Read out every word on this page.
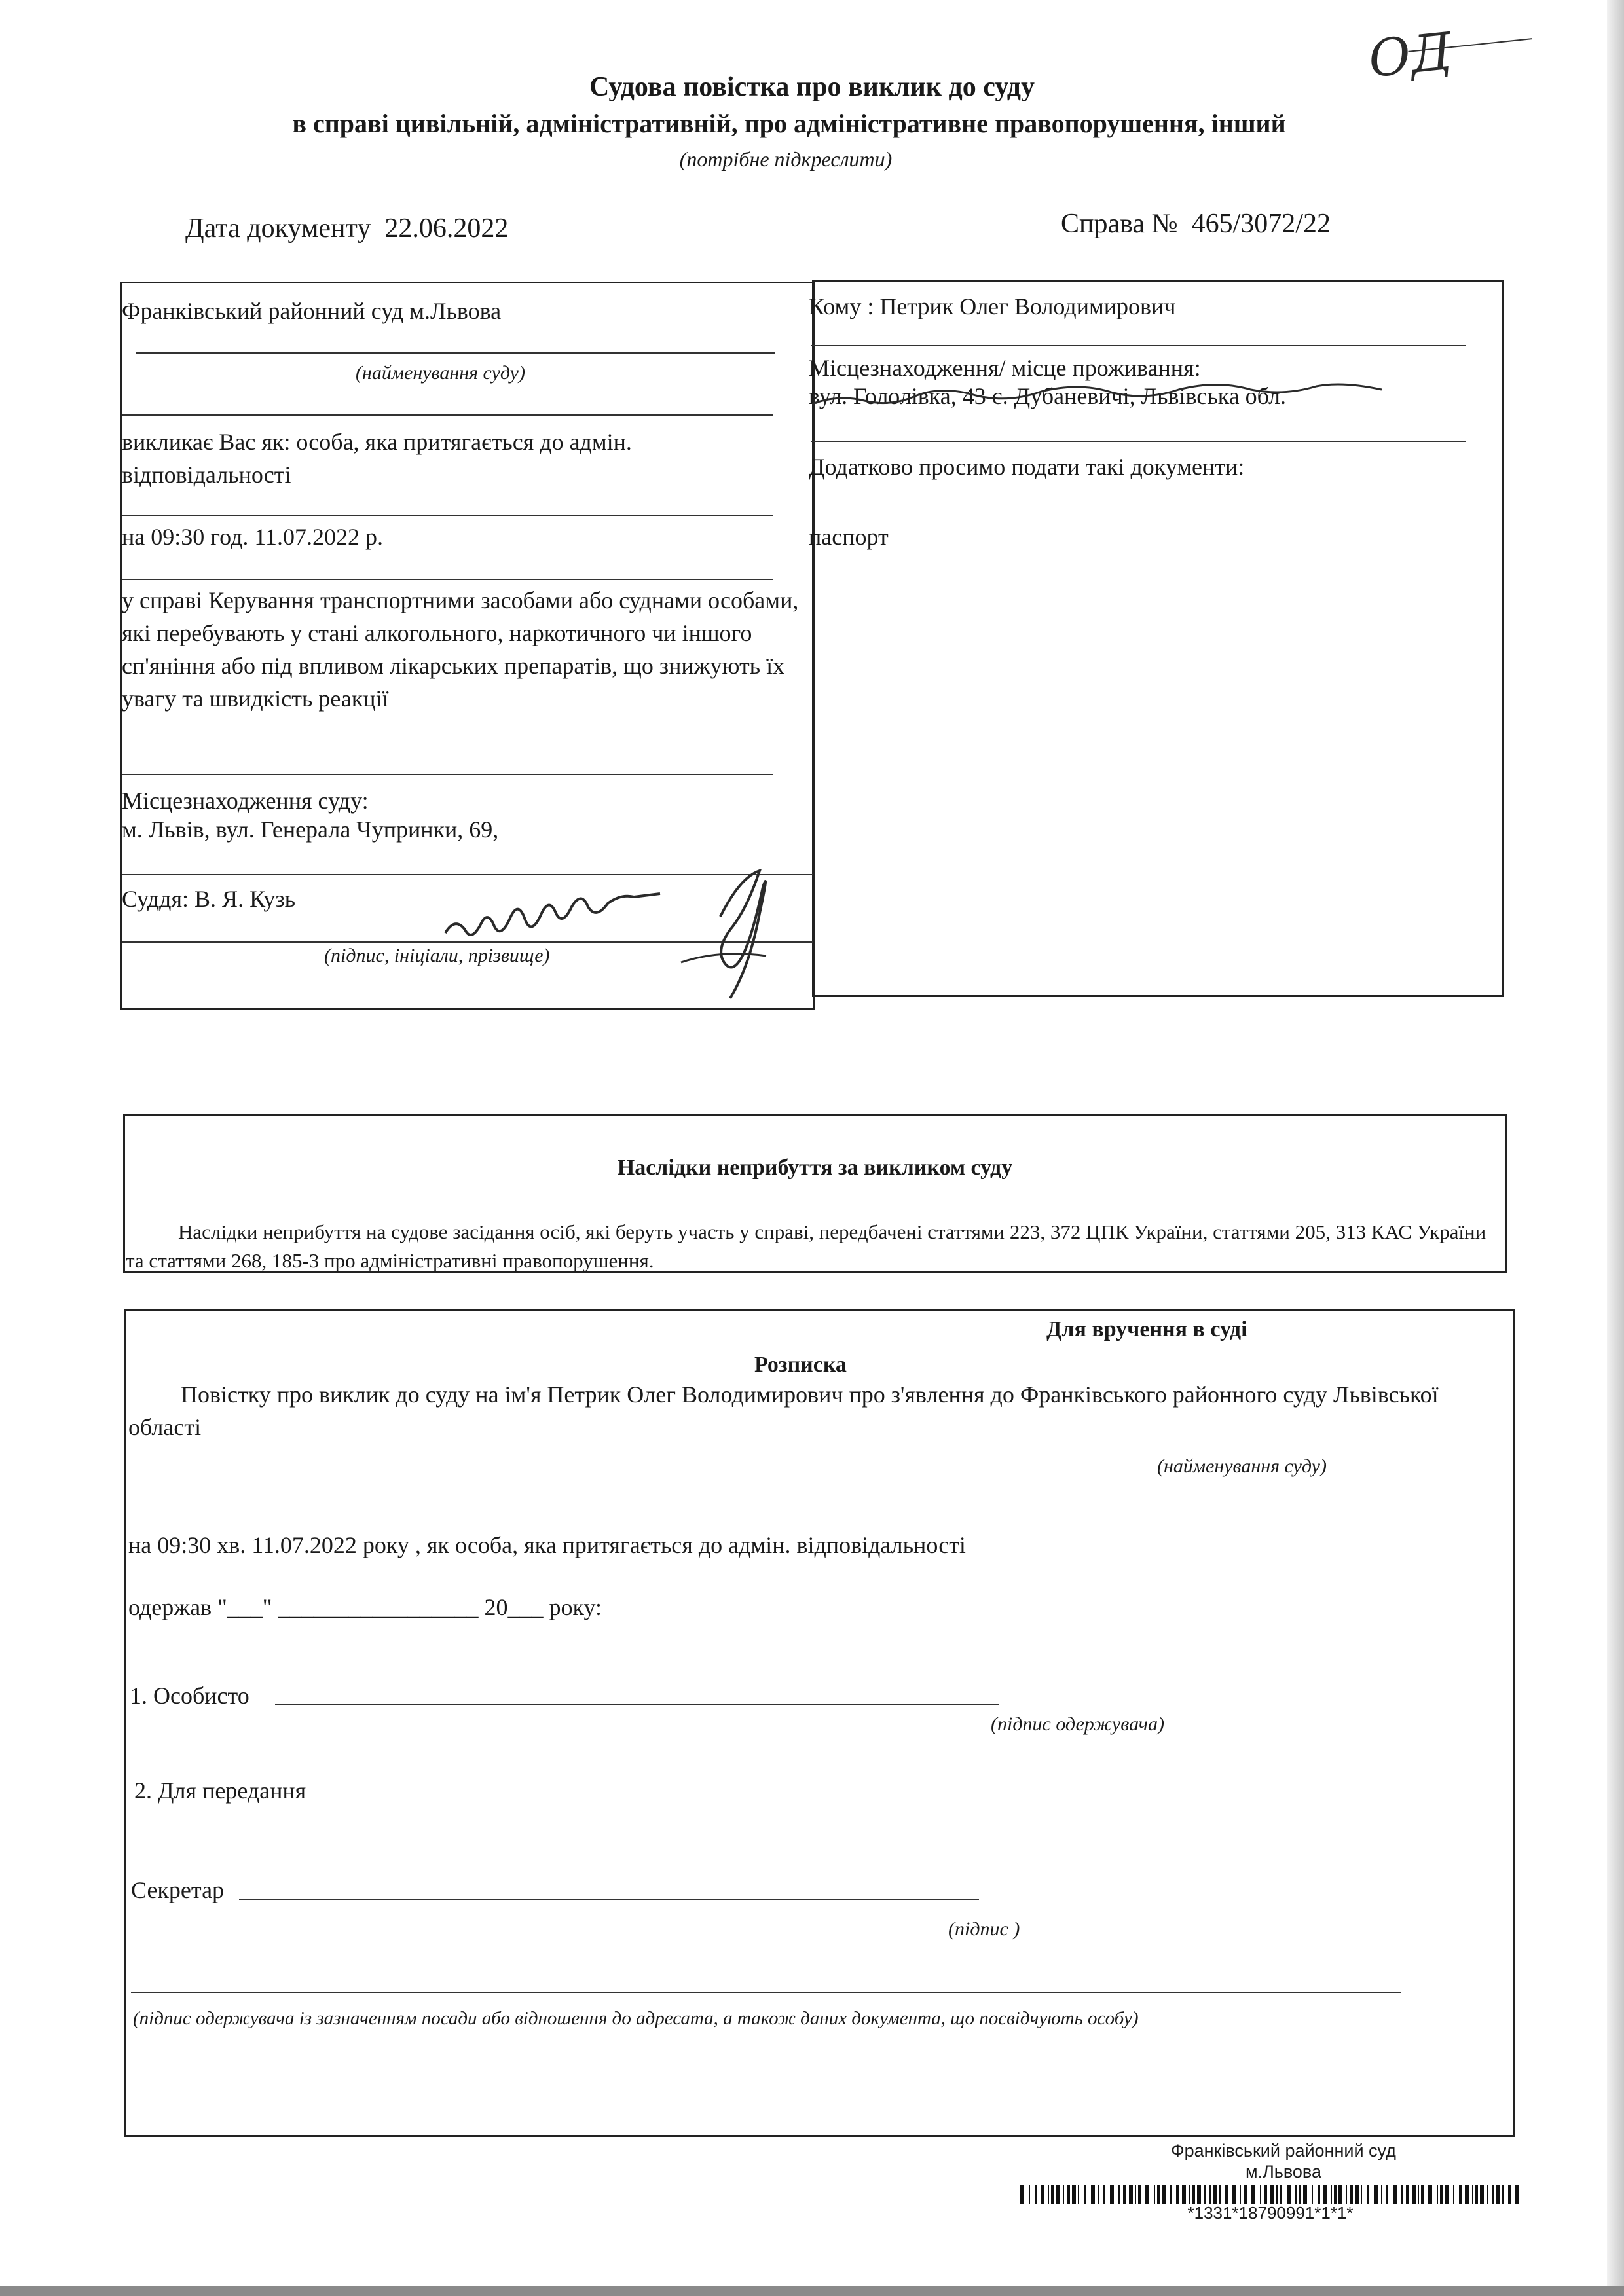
ОД
Судова повістка про виклик до суду
в справі цивільній, адміністративній, про адміністративне правопорушення, інший
(потрібне підкреслити)
Дата документу 22.06.2022	Справа № 465/3072/22
Франківський районний суд м.Львова
(найменування суду)
викликає Вас як: особа, яка притягається до адмін. відповідальності
на 09:30 год. 11.07.2022 р.
у справі Керування транспортними засобами або суднами особами, які перебувають у стані алкогольного, наркотичного чи іншого сп'яніння або під впливом лікарських препаратів, що знижують їх увагу та швидкість реакції
Місцезнаходження суду:
м. Львів, вул. Генерала Чупринки, 69,
Суддя: В. Я. Кузь
(підпис, ініціали, прізвище)
Кому : Петрик Олег Володимирович
Місцезнаходження/ місце проживання:
вул. Гололівка, 43 с. Дубаневичі, Львівська обл.
Додатково просимо подати такі документи:
паспорт
Наслідки неприбуття за викликом суду
Наслідки неприбуття на судове засідання осіб, які беруть участь у справі, передбачені статтями 223, 372 ЦПК України, статтями 205, 313 КАС України та статтями 268, 185-3 про адміністративні правопорушення.
Для вручення в суді
Розписка
Повістку про виклик до суду на ім'я Петрик Олег Володимирович про з'явлення до Франківського районного суду Львівської області
(найменування суду)
на 09:30 хв. 11.07.2022 року , як особа, яка притягається до адмін. відповідальності
одержав "___" _________________ 20___ року:
1. Особисто
(підпис одержувача)
2. Для передання
Секретар
(підпис )
(підпис одержувача із зазначенням посади або відношення до адресата, а також даних документа, що посвідчують особу)
Франківський районний суд
м.Львова
*1331*18790991*1*1*
